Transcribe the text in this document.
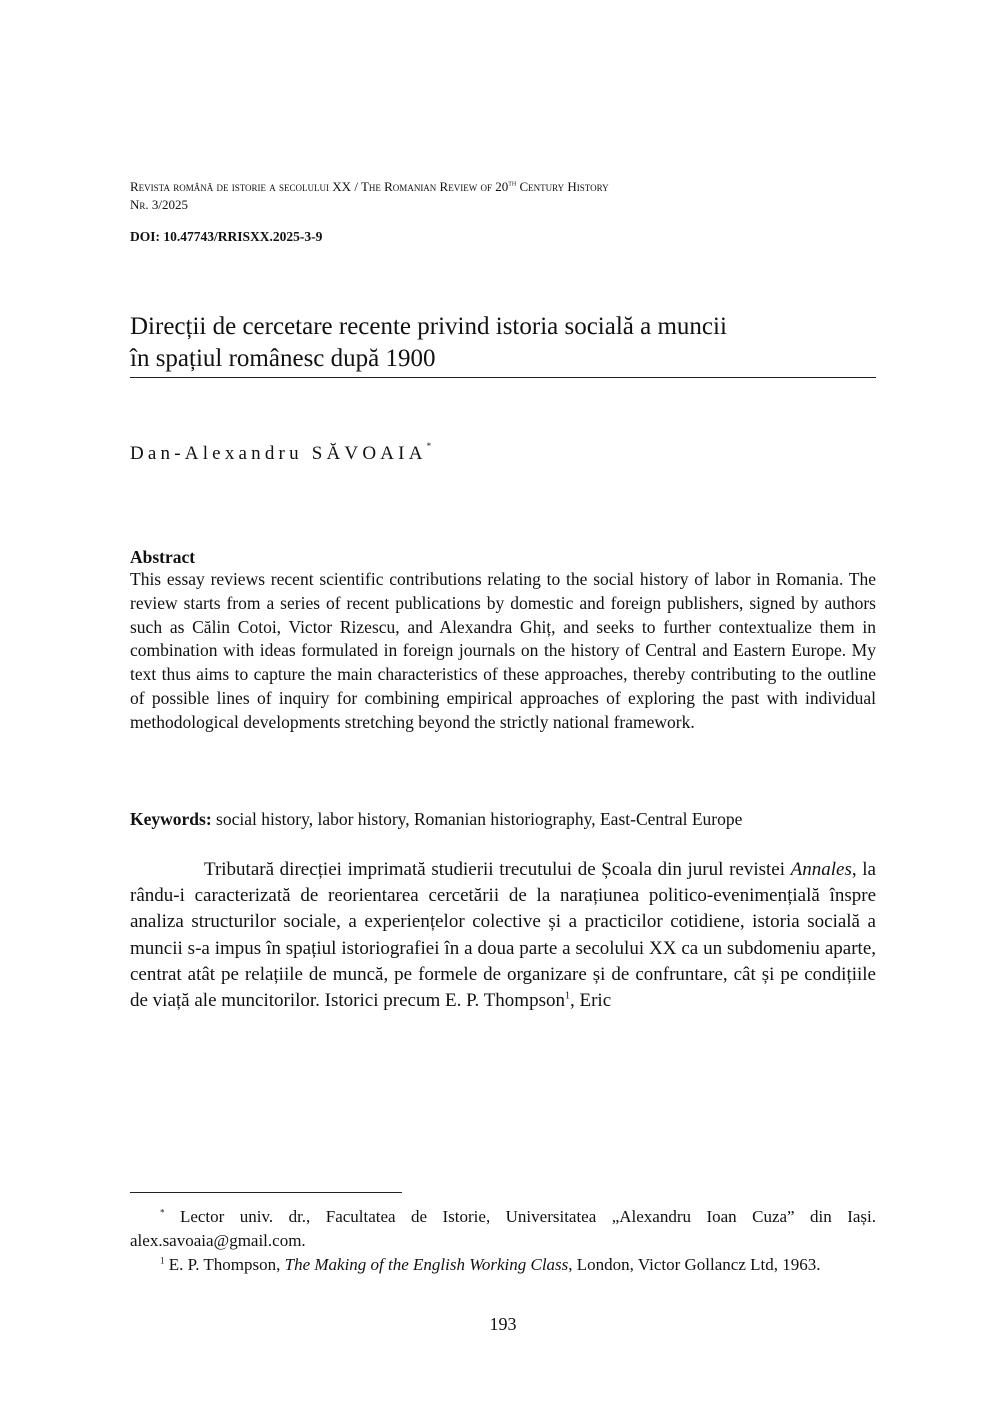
Revista română de istorie a secolului XX / The Romanian Review of 20th Century History
Nr. 3/2025
DOI: 10.47743/RRISXX.2025-3-9
Direcții de cercetare recente privind istoria socială a muncii
în spațiul românesc după 1900
Dan-Alexandru SĂVOAIA*
Abstract

This essay reviews recent scientific contributions relating to the social history of labor in Romania. The review starts from a series of recent publications by domestic and foreign publishers, signed by authors such as Călin Cotoi, Victor Rizescu, and Alexandra Ghiț, and seeks to further contextualize them in combination with ideas formulated in foreign journals on the history of Central and Eastern Europe. My text thus aims to capture the main characteristics of these approaches, thereby contributing to the outline of possible lines of inquiry for combining empirical approaches of exploring the past with individual methodological developments stretching beyond the strictly national framework.

Keywords: social history, labor history, Romanian historiography, East-Central Europe

Tributară direcției imprimată studierii trecutului de Școala din jurul revistei Annales, la rându-i caracterizată de reorientarea cercetării de la narațiunea politico-evenimențială înspre analiza structurilor sociale, a experiențelor colective și a practicilor cotidiene, istoria socială a muncii s-a impus în spațiul istoriografiei în a doua parte a secolului XX ca un subdomeniu aparte, centrat atât pe relațiile de muncă, pe formele de organizare și de confruntare, cât și pe condițiile de viață ale muncitorilor. Istorici precum E. P. Thompson$^1$, Eric

* Lector univ. dr., Facultatea de Istorie, Universitatea „Alexandru Ioan Cuza” din Iași. alex.savoaia@gmail.com.

$^1$ E. P. Thompson, The Making of the English Working Class, London, Victor Gollancz Ltd, 1963.

193
